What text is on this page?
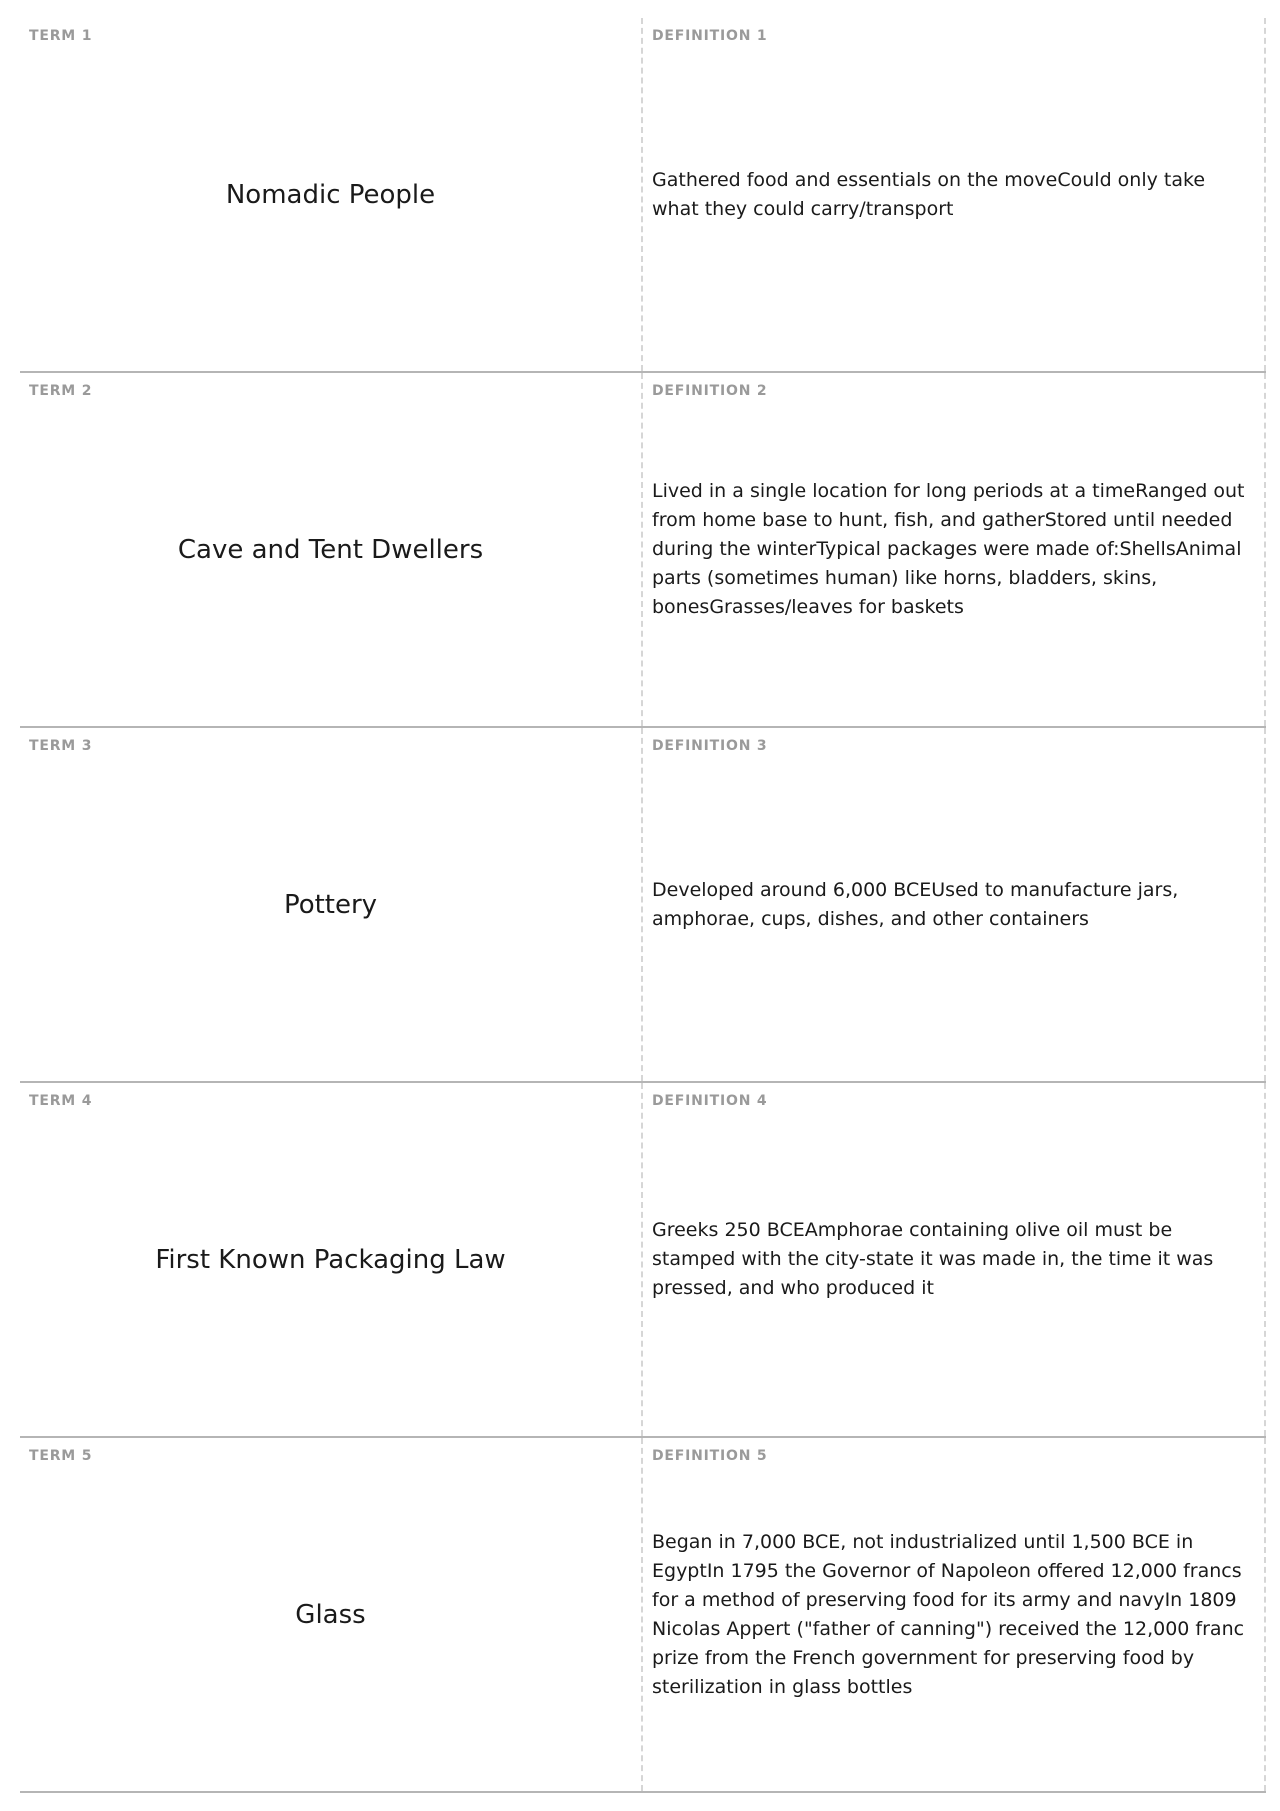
TERM 1
Nomadic People
DEFINITION 1
Gathered food and essentials on the moveCould only take what they could carry/transport
TERM 2
Cave and Tent Dwellers
DEFINITION 2
Lived in a single location for long periods at a timeRanged out from home base to hunt, fish, and gatherStored until needed during the winterTypical packages were made of:ShellsAnimal parts (sometimes human) like horns, bladders, skins, bonesGrasses/leaves for baskets
TERM 3
Pottery
DEFINITION 3
Developed around 6,000 BCEUsed to manufacture jars, amphorae, cups, dishes, and other containers
TERM 4
First Known Packaging Law
DEFINITION 4
Greeks 250 BCEAmphorae containing olive oil must be stamped with the city-state it was made in, the time it was pressed, and who produced it
TERM 5
Glass
DEFINITION 5
Began in 7,000 BCE, not industrialized until 1,500 BCE in EgyptIn 1795 the Governor of Napoleon offered 12,000 francs for a method of preserving food for its army and navyIn 1809 Nicolas Appert ("father of canning") received the 12,000 franc prize from the French government for preserving food by sterilization in glass bottles
